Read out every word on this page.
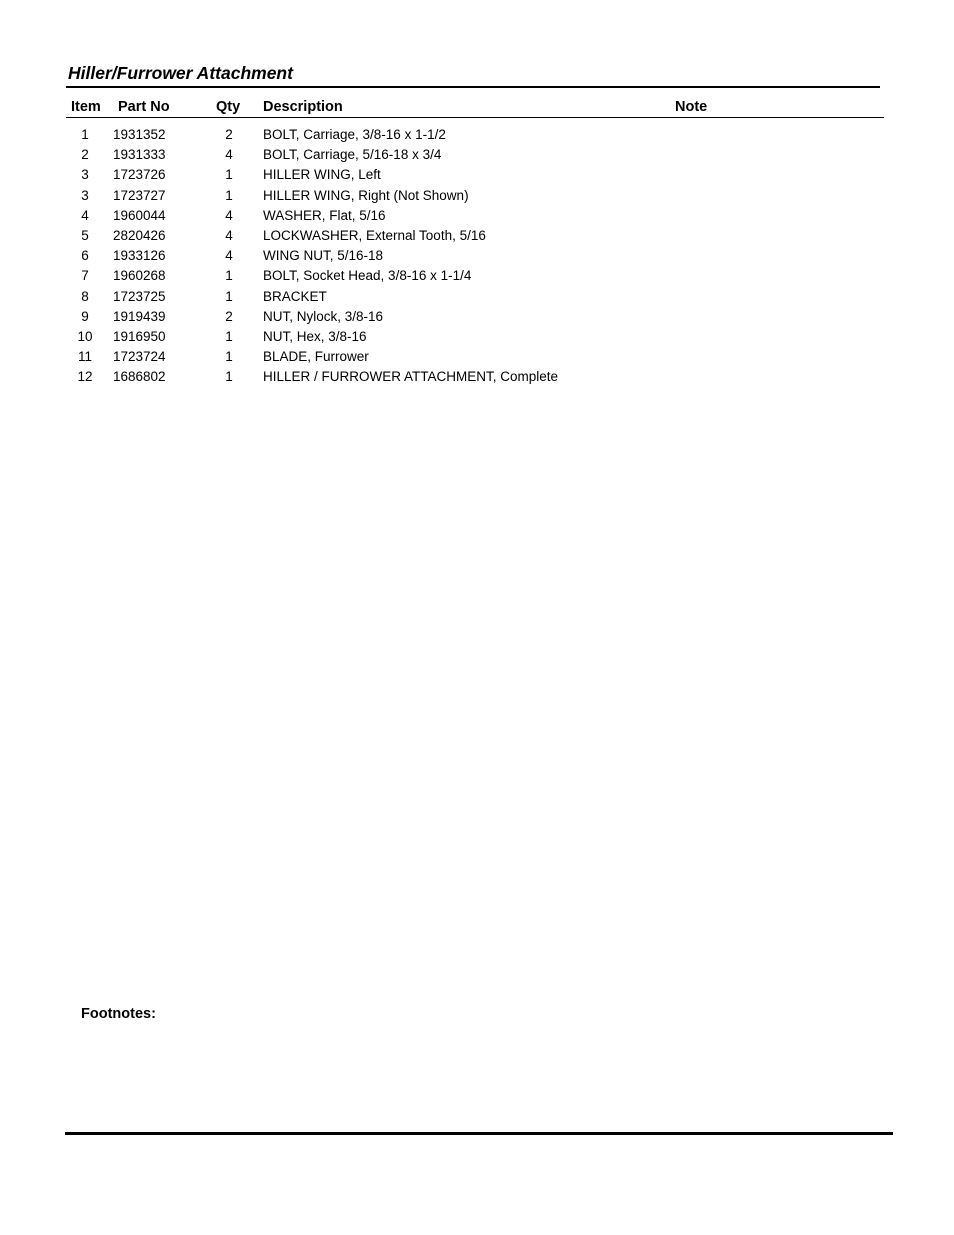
Hiller/Furrower Attachment
Item Part No	Qty Description	Note
1	1931352	2	BOLT, Carriage, 3/8-16 x 1-1/2
2	1931333	4	BOLT, Carriage, 5/16-18 x 3/4
3	1723726	1	HILLER WING, Left
3	1723727	1	HILLER WING, Right (Not Shown)
4	1960044	4	WASHER, Flat, 5/16
5	2820426	4	LOCKWASHER, External Tooth, 5/16
6	1933126	4	WING NUT, 5/16-18
7	1960268	1	BOLT, Socket Head, 3/8-16 x 1-1/4
8	1723725	1	BRACKET
9	1919439	2	NUT, Nylock, 3/8-16
10	1916950	1	NUT, Hex, 3/8-16
11	1723724	1	BLADE, Furrower
12	1686802	1	HILLER / FURROWER ATTACHMENT, Complete
Footnotes:
